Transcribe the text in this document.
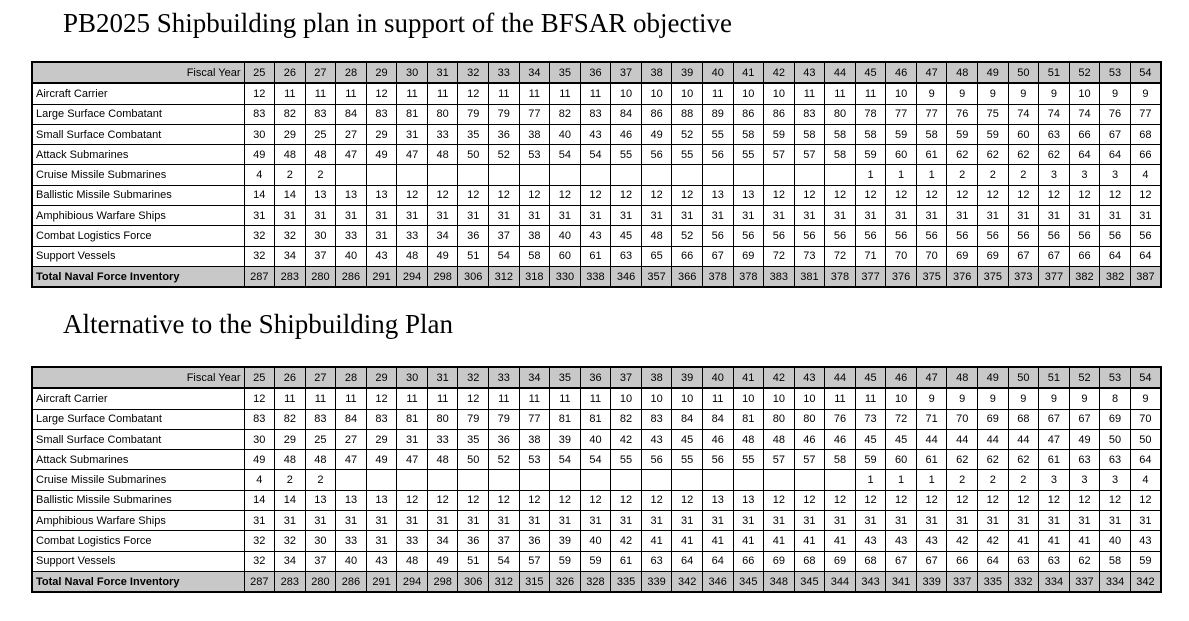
PB2025 Shipbuilding plan in support of the BFSAR objective
Fiscal Year	25	26	27	28	29	30	31	32	33	34	35	36	37	38	39	40	41	42	43	44	45	46	47	48	49	50	51	52	53	54
Aircraft Carrier	12	11	11	11	12	11	11	12	11	11	11	11	10	10	10	11	10	10	11	11	11	10	9	9	9	9	9	10	9	9
Large Surface Combatant	83	82	83	84	83	81	80	79	79	77	82	83	84	86	88	89	86	86	83	80	78	77	77	76	75	74	74	74	76	77
Small Surface Combatant	30	29	25	27	29	31	33	35	36	38	40	43	46	49	52	55	58	59	58	58	58	59	58	59	59	60	63	66	67	68
Attack Submarines	49	48	48	47	49	47	48	50	52	53	54	54	55	56	55	56	55	57	57	58	59	60	61	62	62	62	62	64	64	66
Cruise Missile Submarines	4	2	2																		1	1	1	2	2	2	3	3	3	4
Ballistic Missile Submarines	14	14	13	13	13	12	12	12	12	12	12	12	12	12	12	13	13	12	12	12	12	12	12	12	12	12	12	12	12	12
Amphibious Warfare Ships	31	31	31	31	31	31	31	31	31	31	31	31	31	31	31	31	31	31	31	31	31	31	31	31	31	31	31	31	31	31
Combat Logistics Force	32	32	30	33	31	33	34	36	37	38	40	43	45	48	52	56	56	56	56	56	56	56	56	56	56	56	56	56	56	56
Support Vessels	32	34	37	40	43	48	49	51	54	58	60	61	63	65	66	67	69	72	73	72	71	70	70	69	69	67	67	66	64	64
Total Naval Force Inventory	287	283	280	286	291	294	298	306	312	318	330	338	346	357	366	378	378	383	381	378	377	376	375	376	375	373	377	382	382	387
Alternative to the Shipbuilding Plan
Fiscal Year	25	26	27	28	29	30	31	32	33	34	35	36	37	38	39	40	41	42	43	44	45	46	47	48	49	50	51	52	53	54
Aircraft Carrier	12	11	11	11	12	11	11	12	11	11	11	11	10	10	10	11	10	10	10	11	11	10	9	9	9	9	9	9	8	9
Large Surface Combatant	83	82	83	84	83	81	80	79	79	77	81	81	82	83	84	84	81	80	80	76	73	72	71	70	69	68	67	67	69	70
Small Surface Combatant	30	29	25	27	29	31	33	35	36	38	39	40	42	43	45	46	48	48	46	46	45	45	44	44	44	44	47	49	50	50
Attack Submarines	49	48	48	47	49	47	48	50	52	53	54	54	55	56	55	56	55	57	57	58	59	60	61	62	62	62	61	63	63	64
Cruise Missile Submarines	4	2	2																		1	1	1	2	2	2	3	3	3	4
Ballistic Missile Submarines	14	14	13	13	13	12	12	12	12	12	12	12	12	12	12	13	13	12	12	12	12	12	12	12	12	12	12	12	12	12
Amphibious Warfare Ships	31	31	31	31	31	31	31	31	31	31	31	31	31	31	31	31	31	31	31	31	31	31	31	31	31	31	31	31	31	31
Combat Logistics Force	32	32	30	33	31	33	34	36	37	36	39	40	42	41	41	41	41	41	41	41	43	43	43	42	42	41	41	41	40	43
Support Vessels	32	34	37	40	43	48	49	51	54	57	59	59	61	63	64	64	66	69	68	69	68	67	67	66	64	63	63	62	58	59
Total Naval Force Inventory	287	283	280	286	291	294	298	306	312	315	326	328	335	339	342	346	345	348	345	344	343	341	339	337	335	332	334	337	334	342
